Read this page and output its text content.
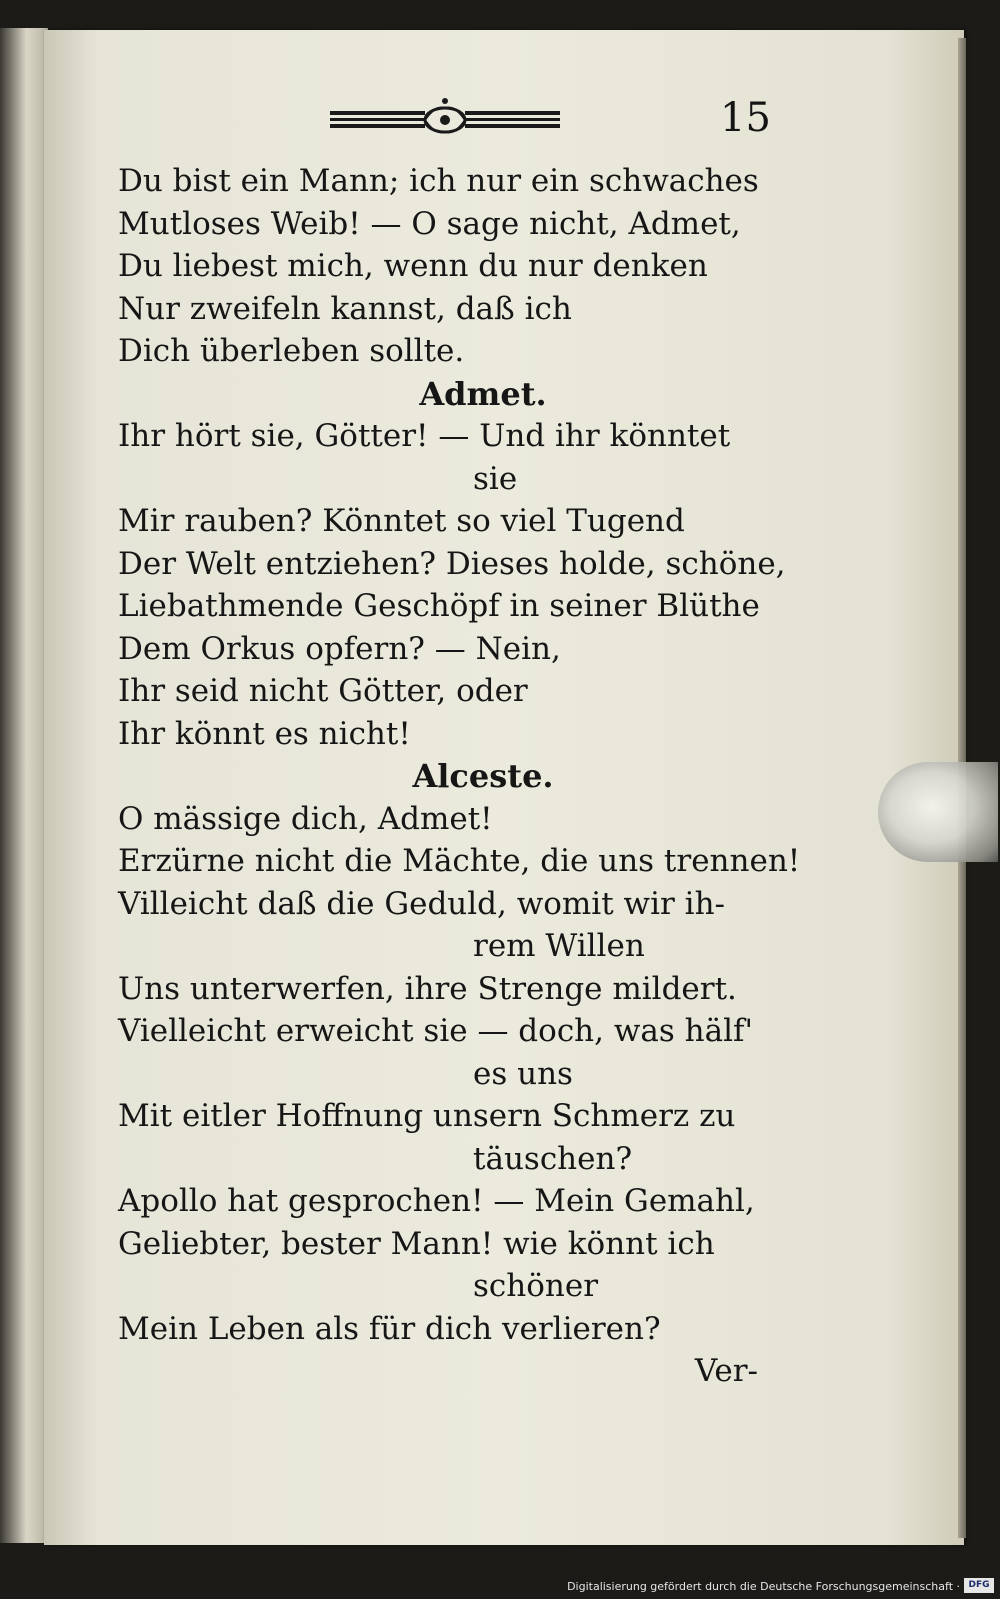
15
Du bist ein Mann; ich nur ein schwaches
Mutloses Weib! — O sage nicht, Admet,
Du liebest mich, wenn du nur denken
Nur zweifeln kannst, daß ich
Dich überleben sollte.
Admet.
Ihr hört sie, Götter! — Und ihr könntet
sie
Mir rauben? Könntet so viel Tugend
Der Welt entziehen? Dieses holde, schöne,
Liebathmende Geschöpf in seiner Blüthe
Dem Orkus opfern? — Nein,
Ihr seid nicht Götter, oder
Ihr könnt es nicht!
Alceste.
O mässige dich, Admet!
Erzürne nicht die Mächte, die uns trennen!
Villeicht daß die Geduld, womit wir ih-
rem Willen
Uns unterwerfen, ihre Strenge mildert.
Vielleicht erweicht sie — doch, was hälf'
es uns
Mit eitler Hoffnung unsern Schmerz zu
täuschen?
Apollo hat gesprochen! — Mein Gemahl,
Geliebter, bester Mann! wie könnt ich
schöner
Mein Leben als für dich verlieren?
Ver-
Digitalisierung gefördert durch die Deutsche Forschungsgemeinschaft · DFG
